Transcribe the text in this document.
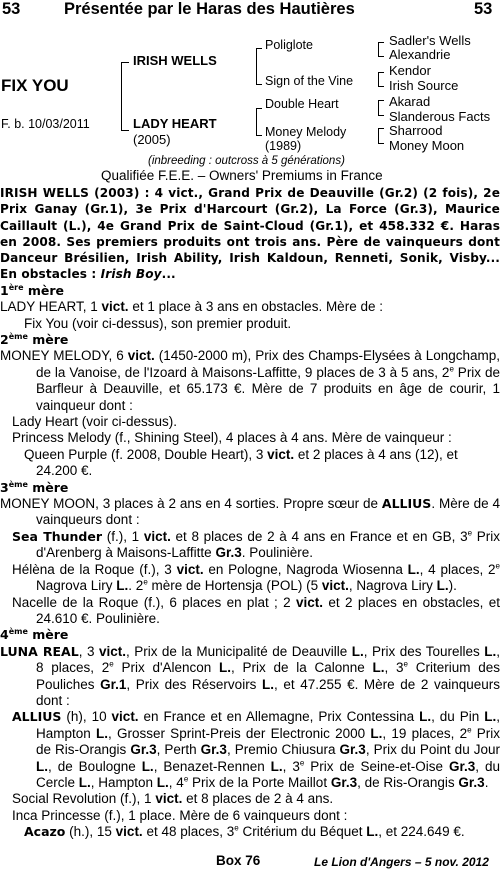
53	Présentée par le Haras des Hautières	53
FIX YOU
F. b. 10/03/2011
IRISH WELLS
LADY HEART
(2005)
Poliglote
Sign of the Vine
Double Heart
Money Melody
(1989)
Sadler's Wells
Alexandrie
Kendor
Irish Source
Akarad
Slanderous Facts
Sharrood
Money Moon
(inbreeding : outcross à 5 générations)
Qualifiée F.E.E. – Owners' Premiums in France

IRISH WELLS (2003) : 4 vict., Grand Prix de Deauville (Gr.2) (2 fois), 2e Prix Ganay (Gr.1), 3e Prix d'Harcourt (Gr.2), La Force (Gr.3), Maurice Caillault (L.), 4e Grand Prix de Saint-Cloud (Gr.1), et 458.332 €. Haras en 2008. Ses premiers produits ont trois ans. Père de vainqueurs dont Danceur Brésilien, Irish Ability, Irish Kaldoun, Renneti, Sonik, Visby... En obstacles : Irish Boy...

1ère mère

LADY HEART, 1 vict. et 1 place à 3 ans en obstacles. Mère de :

Fix You (voir ci-dessus), son premier produit.

2ème mère

MONEY MELODY, 6 vict. (1450-2000 m), Prix des Champs-Elysées à Longchamp, de la Vanoise, de l'Izoard à Maisons-Laffitte, 9 places de 3 à 5 ans, 2e Prix de Barfleur à Deauville, et 65.173 €. Mère de 7 produits en âge de courir, 1 vainqueur dont :

Lady Heart (voir ci-dessus).

Princess Melody (f., Shining Steel), 4 places à 4 ans. Mère de vainqueur :

Queen Purple (f. 2008, Double Heart), 3 vict. et 2 places à 4 ans (12), et 24.200 €.

3ème mère

MONEY MOON, 3 places à 2 ans en 4 sorties. Propre sœur de ALLIUS. Mère de 4 vainqueurs dont :

Sea Thunder (f.), 1 vict. et 8 places de 2 à 4 ans en France et en GB, 3e Prix d'Arenberg à Maisons-Laffitte Gr.3. Poulinière.

Hélèna de la Roque (f.), 3 vict. en Pologne, Nagroda Wiosenna L., 4 places, 2e Nagrova Liry L.. 2e mère de Hortensja (POL) (5 vict., Nagrova Liry L.).

Nacelle de la Roque (f.), 6 places en plat ; 2 vict. et 2 places en obstacles, et 24.610 €. Poulinière.

4ème mère

LUNA REAL, 3 vict., Prix de la Municipalité de Deauville L., Prix des Tourelles L., 8 places, 2e Prix d'Alencon L., Prix de la Calonne L., 3e Criterium des Pouliches Gr.1, Prix des Réservoirs L., et 47.255 €. Mère de 2 vainqueurs dont :

ALLIUS (h), 10 vict. en France et en Allemagne, Prix Contessina L., du Pin L., Hampton L., Grosser Sprint-Preis der Electronic 2000 L., 19 places, 2e Prix de Ris-Orangis Gr.3, Perth Gr.3, Premio Chiusura Gr.3, Prix du Point du Jour L., de Boulogne L., Benazet-Rennen L., 3e Prix de Seine-et-Oise Gr.3, du Cercle L., Hampton L., 4e Prix de la Porte Maillot Gr.3, de Ris-Orangis Gr.3.

Social Revolution (f.), 1 vict. et 8 places de 2 à 4 ans.

Inca Princesse (f.), 1 place. Mère de 6 vainqueurs dont :

Acazo (h.), 15 vict. et 48 places, 3e Critérium du Béquet L., et 224.649 €.

Box 76	Le Lion d'Angers – 5 nov. 2012
